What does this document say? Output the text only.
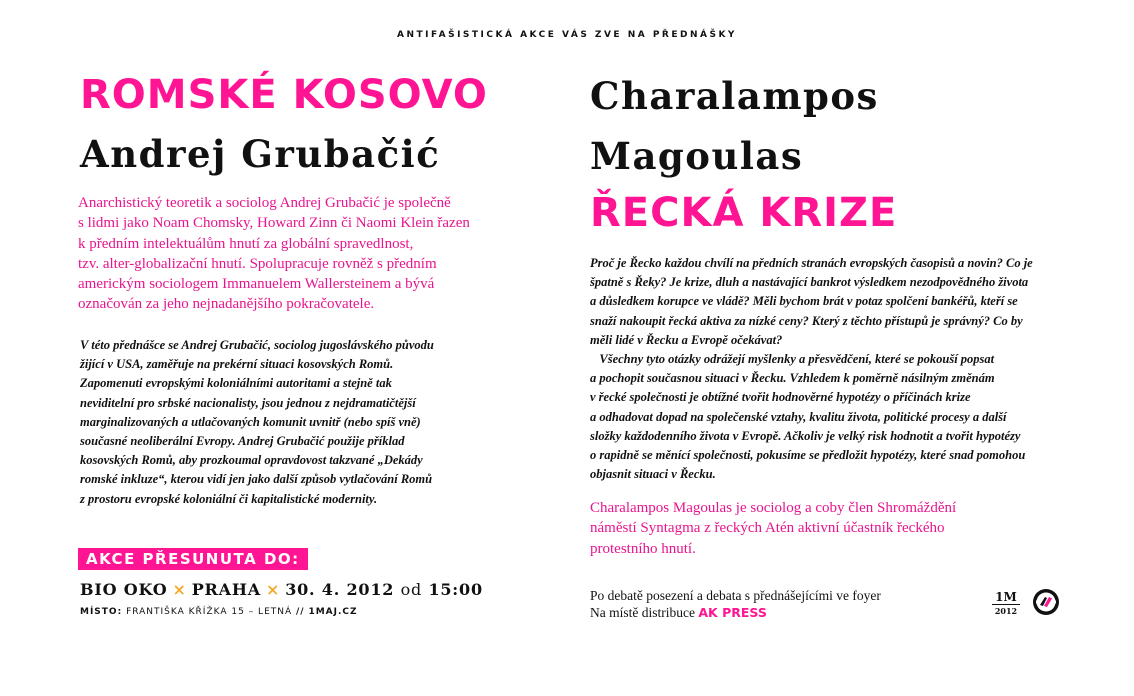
ANTIFAŠISTICKÁ AKCE VÁS ZVE NA PŘEDNÁŠKY
ROMSKÉ KOSOVO
Andrej Grubačić
Anarchistický teoretik a sociolog Andrej Grubačić je společně
s lidmi jako Noam Chomsky, Howard Zinn či Naomi Klein řazen
k předním intelektuálům hnutí za globální spravedlnost,
tzv. alter-globalizační hnutí. Spolupracuje rovněž s předním
americkým sociologem Immanuelem Wallersteinem a bývá
označován za jeho nejnadanějšího pokračovatele.

V této přednášce se Andrej Grubačić, sociolog jugoslávského původu

žijící v USA, zaměřuje na prekérní situaci kosovských Romů.

Zapomenuti evropskými koloniálními autoritami a stejně tak

neviditelní pro srbské nacionalisty, jsou jednou z nejdramatičtější

marginalizovaných a utlačovaných komunit uvnitř (nebo spíš vně)

současné neoliberální Evropy. Andrej Grubačić použije příklad

kosovských Romů, aby prozkoumal opravdovost takzvané „Dekády

romské inkluze“, kterou vidí jen jako další způsob vytlačování Romů

z prostoru evropské koloniální či kapitalistické modernity.

AKCE PŘESUNUTA DO:
BIO OKO × PRAHA × 30. 4. 2012 od 15:00
MÍSTO: FRANTIŠKA KŘÍŽKA 15 – LETNÁ // 1MAJ.CZ
Charalampos
Magoulas
ŘECKÁ KRIZE

Proč je Řecko každou chvílí na předních stranách evropských časopisů a novin? Co je

špatně s Řeky? Je krize, dluh a nastávající bankrot výsledkem nezodpovědného života

a důsledkem korupce ve vládě? Měli bychom brát v potaz spolčení bankéřů, kteří se

snaží nakoupit řecká aktiva za nízké ceny? Který z těchto přístupů je správný? Co by

měli lidé v Řecku a Evropě očekávat?

Všechny tyto otázky odrážejí myšlenky a přesvědčení, které se pokouší popsat

a pochopit současnou situaci v Řecku. Vzhledem k poměrně násilným změnám

v řecké společnosti je obtížné tvořit hodnověrné hypotézy o příčinách krize

a odhadovat dopad na společenské vztahy, kvalitu života, politické procesy a další

složky každodenního života v Evropě. Ačkoliv je velký risk hodnotit a tvořit hypotézy

o rapidně se měnící společnosti, pokusíme se předložit hypotézy, které snad pomohou

objasnit situaci v Řecku.

Charalampos Magoulas je sociolog a coby člen Shromáždění
náměstí Syntagma z řeckých Atén aktivní účastník řeckého
protestního hnutí.
Po debatě posezení a debata s přednášejícími ve foyer
Na místě distribuce AK PRESS
1M
2012
